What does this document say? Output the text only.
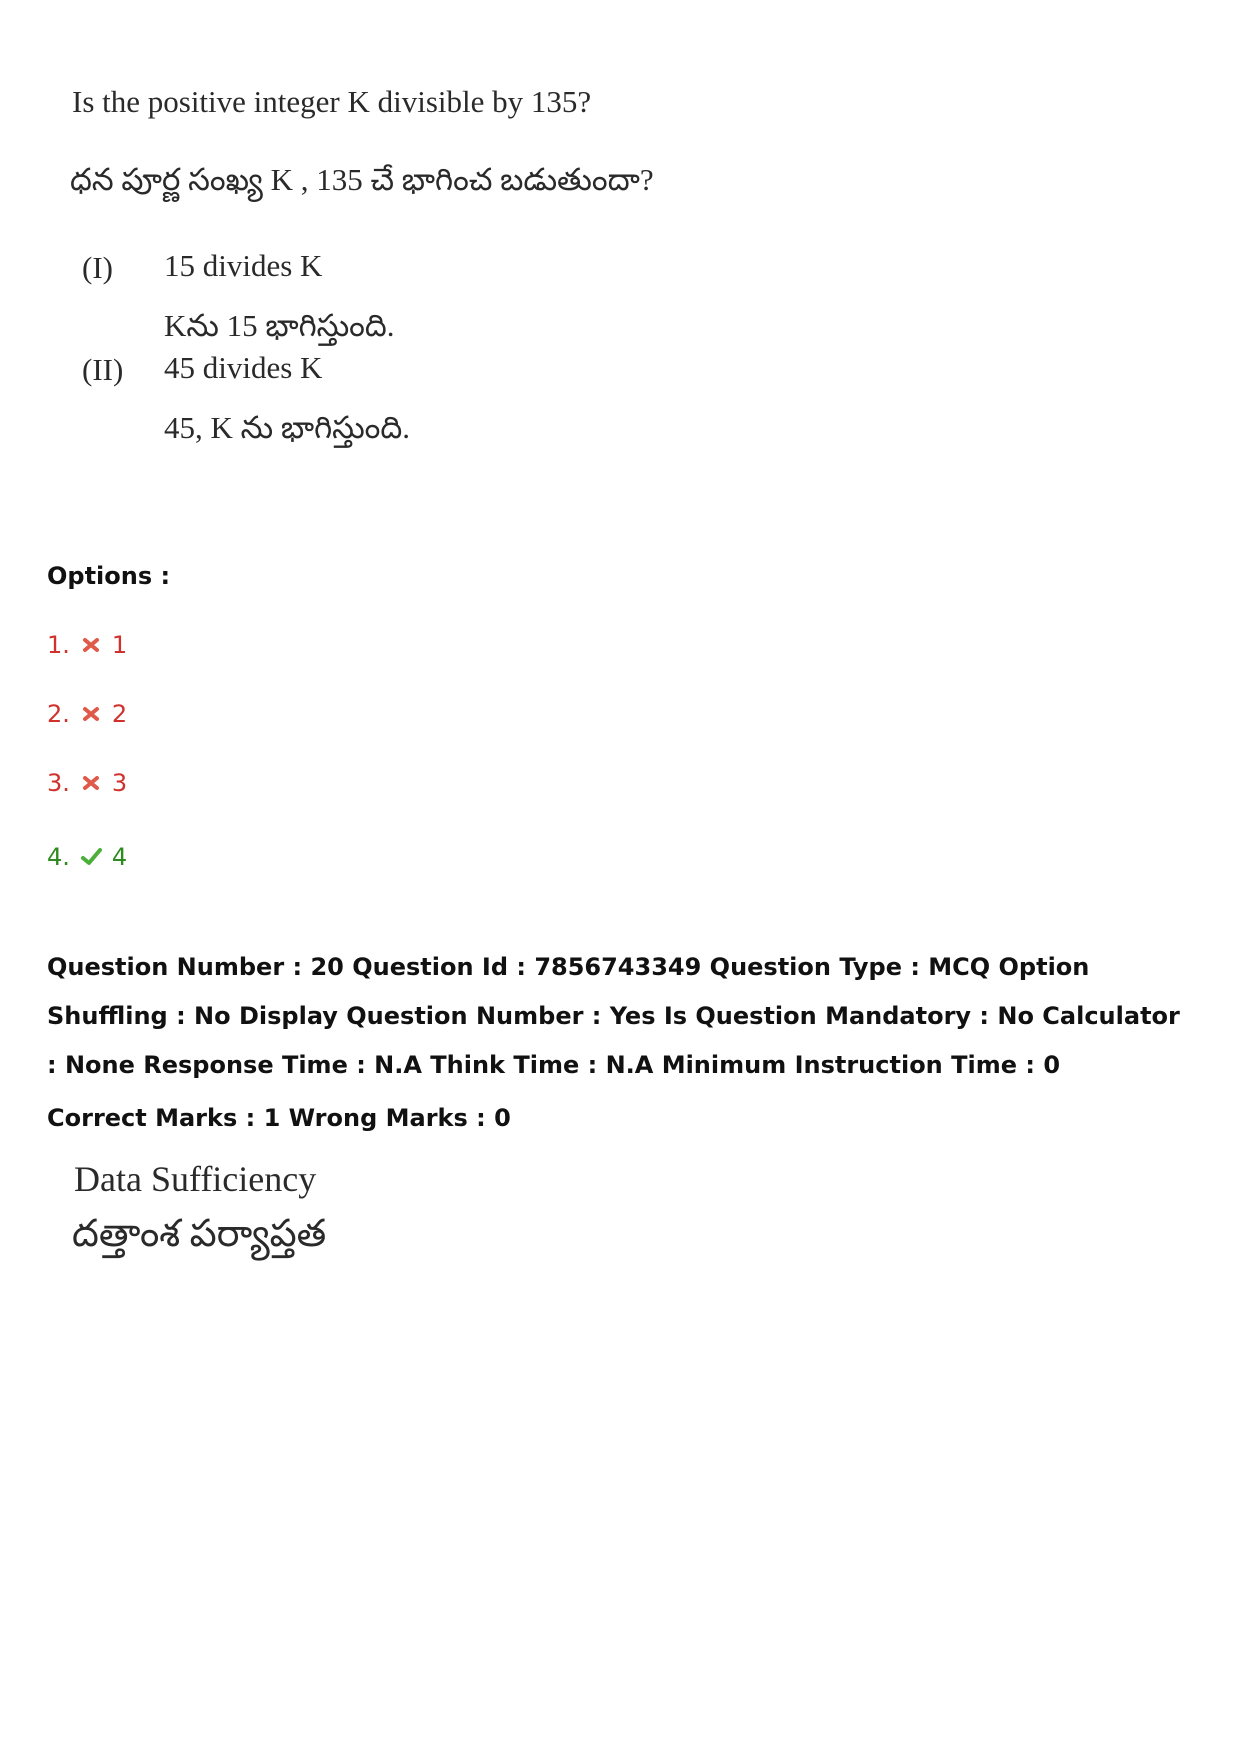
Is the positive integer K divisible by 135?
ధన పూర్ణ సంఖ్య K , 135 చే భాగించ బడుతుందా?
(I) 15 divides K
Kను 15 భాగిస్తుంది.
(II) 45 divides K
45, K ను భాగిస్తుంది.
Options :
1. 1
2. 2
3. 3
4. 4
Question Number : 20 Question Id : 7856743349 Question Type : MCQ Option Shuffling : No Display Question Number : Yes Is Question Mandatory : No Calculator : None Response Time : N.A Think Time : N.A Minimum Instruction Time : 0
Correct Marks : 1 Wrong Marks : 0
Data Sufficiency
దత్తాంశ పర్యాప్తత
